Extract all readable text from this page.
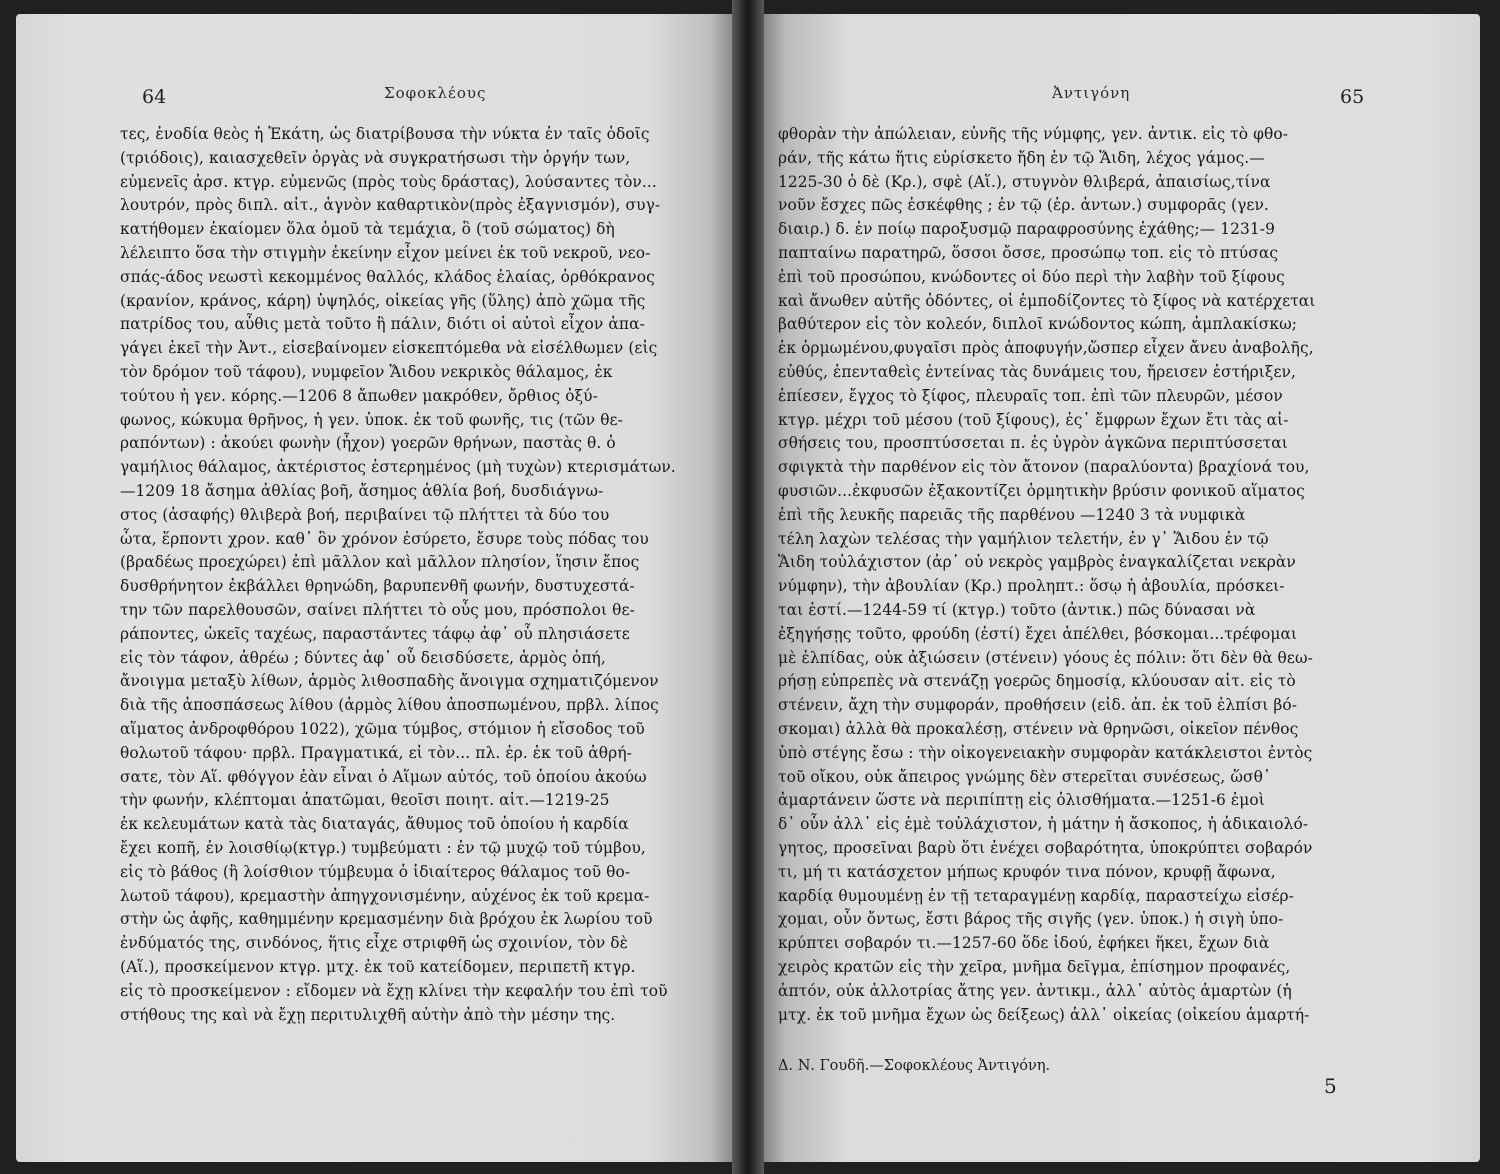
64	Σοφοκλέους
τες, ἐνοδία θεὸς ἡ Ἑκάτη, ὡς διατρίβουσα τὴν νύκτα ἐν ταῖς ὁδοῖς
(τριόδοις), καιασχεθεῖν ὀργὰς νὰ συγκρατήσωσι τὴν ὀργήν των,
εὐμενεῖς ἀρσ. κτγρ. εὐμενῶς (πρὸς τοὺς δράστας), λούσαντες τὸν...
λουτρόν, πρὸς διπλ. αἰτ., ἁγνὸν καθαρτικὸν(πρὸς ἐξαγνισμόν), συγ-
κατήθομεν ἐκαίομεν ὅλα ὁμοῦ τὰ τεμάχια, ὃ (τοῦ σώματος) δὴ
λέλειπτο ὅσα τὴν στιγμὴν ἐκείνην εἶχον μείνει ἐκ τοῦ νεκροῦ, νεο-
σπάς-άδος νεωστὶ κεκομμένος θαλλός, κλάδος ἐλαίας, ὀρθόκρανος
(κρανίον, κράνος, κάρη) ὑψηλός, οἰκείας γῆς (ὕλης) ἀπὸ χῶμα τῆς
πατρίδος του, αὖθις μετὰ τοῦτο ἢ πάλιν, διότι οἱ αὐτοὶ εἶχον ἀπα-
γάγει ἐκεῖ τὴν Ἀντ., εἰσεβαίνομεν εἰσκεπτόμεθα νὰ εἰσέλθωμεν (εἰς
τὸν δρόμον τοῦ τάφου), νυμφεῖον Ἅιδου νεκρικὸς θάλαμος, ἐκ
τούτου ἡ γεν. κόρης.—1206 8 ἄπωθεν μακρόθεν, ὄρθιος ὀξύ-
φωνος, κώκυμα θρῆνος, ἡ γεν. ὑποκ. ἐκ τοῦ φωνῆς, τις (τῶν θε-
ραπόντων) : ἀκούει φωνὴν (ἦχον) γοερῶν θρήνων, παστὰς θ. ὁ
γαμήλιος θάλαμος, ἀκτέριστος ἐστερημένος (μὴ τυχὼν) κτερισμάτων.
—1209 18 ἄσημα ἀθλίας βοῆ, ἄσημος ἀθλία βοή, δυσδιάγνω-
στος (ἀσαφής) θλιβερὰ βοή, περιβαίνει τῷ πλήττει τὰ δύο του
ὦτα, ἕρποντι χρον. καθ᾽ ὃν χρόνον ἐσύρετο, ἔσυρε τοὺς πόδας του
(βραδέως προεχώρει) ἐπὶ μᾶλλον καὶ μᾶλλον πλησίον, ἵησιν ἔπος
δυσθρήνητον ἐκβάλλει θρηνώδη, βαρυπενθῆ φωνήν, δυστυχεστά-
την τῶν παρελθουσῶν, σαίνει πλήττει τὸ οὖς μου, πρόσπολοι θε-
ράποντες, ὠκεῖς ταχέως, παραστάντες τάφῳ ἀφ᾽ οὗ πλησιάσετε
εἰς τὸν τάφον, ἀθρέω ; δύντες ἀφ᾽ οὗ δεισδύσετε, ἁρμὸς ὀπή,
ἄνοιγμα μεταξὺ λίθων, ἁρμὸς λιθοσπαδὴς ἄνοιγμα σχηματιζόμενον
διὰ τῆς ἀποσπάσεως λίθου (ἁρμὸς λίθου ἀποσπωμένου, πρβλ. λίπος
αἵματος ἀνδροφθόρου 1022), χῶμα τύμβος, στόμιον ἡ εἴσοδος τοῦ
θολωτοῦ τάφου· πρβλ. Πραγματικά, εἰ τὸν... πλ. ἐρ. ἐκ τοῦ ἀθρή-
σατε, τὸν Αἵ. φθόγγον ἐὰν εἶναι ὁ Αἵμων αὐτός, τοῦ ὁποίου ἀκούω
τὴν φωνήν, κλέπτομαι ἀπατῶμαι, θεοῖσι ποιητ. αἰτ.—1219-25
ἐκ κελευμάτων κατὰ τὰς διαταγάς, ἄθυμος τοῦ ὁποίου ἡ καρδία
ἔχει κοπῆ, ἐν λοισθίῳ(κτγρ.) τυμβεύματι : ἐν τῷ μυχῷ τοῦ τύμβου,
εἰς τὸ βάθος (ἢ λοίσθιον τύμβευμα ὁ ἰδιαίτερος θάλαμος τοῦ θο-
λωτοῦ τάφου), κρεμαστὴν ἀπηγχονισμένην, αὐχένος ἐκ τοῦ κρεμα-
στὴν ὡς ἁφῆς, καθημμένην κρεμασμένην διὰ βρόχου ἐκ λωρίου τοῦ
ἐνδύματός της, σινδόνος, ἥτις εἶχε στριφθῆ ὡς σχοινίον, τὸν δὲ
(Αἵ.), προσκείμενον κτγρ. μτχ. ἐκ τοῦ κατείδομεν, περιπετῆ κτγρ.
εἰς τὸ προσκείμενον : εἴδομεν νὰ ἔχῃ κλίνει τὴν κεφαλήν του ἐπὶ τοῦ
στήθους της καὶ νὰ ἔχῃ περιτυλιχθῆ αὐτὴν ἀπὸ τὴν μέσην της.
Ἀντιγόνη	65
φθορὰν τὴν ἀπώλειαν, εὐνῆς τῆς νύμφης, γεν. ἀντικ. εἰς τὸ φθο-
ράν, τῆς κάτω ἥτις εὑρίσκετο ἤδη ἐν τῷ Ἅιδη, λέχος γάμος.—
1225-30 ὁ δὲ (Κρ.), σφὲ (Αἵ.), στυγνὸν θλιβερά, ἀπαισίως,τίνα
νοῦν ἔσχες πῶς ἐσκέφθης ; ἐν τῷ (ἐρ. ἀντων.) συμφορᾶς (γεν.
διαιρ.) δ. ἐν ποίῳ παροξυσμῷ παραφροσύνης ἐχάθης;— 1231-9
παπταίνω παρατηρῶ, ὅσσοι ὄσσε, προσώπῳ τοπ. εἰς τὸ πτύσας
ἐπὶ τοῦ προσώπου, κνώδοντες οἱ δύο περὶ τὴν λαβὴν τοῦ ξίφους
καὶ ἄνωθεν αὐτῆς ὀδόντες, οἱ ἐμποδίζοντες τὸ ξίφος νὰ κατέρχεται
βαθύτερον εἰς τὸν κολεόν, διπλοῖ κνώδοντος κώπη, ἀμπλακίσκω;
ἐκ ὁρμωμένου,φυγαῖσι πρὸς ἀποφυγήν,ὥσπερ εἶχεν ἄνευ ἀναβολῆς,
εὐθύς, ἐπενταθεὶς ἐντείνας τὰς δυνάμεις του, ἤρεισεν ἐστήριξεν,
ἐπίεσεν, ἔγχος τὸ ξίφος, πλευραῖς τοπ. ἐπὶ τῶν πλευρῶν, μέσον
κτγρ. μέχρι τοῦ μέσου (τοῦ ξίφους), ἐς᾽ ἔμφρων ἔχων ἔτι τὰς αἰ-
σθήσεις του, προσπτύσσεται π. ἐς ὑγρὸν ἀγκῶνα περιπτύσσεται
σφιγκτὰ τὴν παρθένον εἰς τὸν ἄτονον (παραλύοντα) βραχίονά του,
φυσιῶν...ἐκφυσῶν ἐξακοντίζει ὁρμητικὴν βρύσιν φονικοῦ αἵματος
ἐπὶ τῆς λευκῆς παρειᾶς τῆς παρθένου —1240 3 τὰ νυμφικὰ
τέλη λαχὼν τελέσας τὴν γαμήλιον τελετήν, ἐν γ᾽ Ἅιδου ἐν τῷ
Ἅιδη τοὐλάχιστον (ἀρ᾽ οὐ νεκρὸς γαμβρὸς ἐναγκαλίζεται νεκρὰν
νύμφην), τὴν ἀβουλίαν (Κρ.) προληπτ.: ὅσῳ ἡ ἀβουλία, πρόσκει-
ται ἐστί.—1244-59 τί (κτγρ.) τοῦτο (ἀντικ.) πῶς δύνασαι νὰ
ἐξηγήσῃς τοῦτο, φρούδη (ἐστί) ἔχει ἀπέλθει, βόσκομαι...τρέφομαι
μὲ ἐλπίδας, οὐκ ἀξιώσειν (στένειν) γόους ἐς πόλιν: ὅτι δὲν θὰ θεω-
ρήσῃ εὐπρεπὲς νὰ στενάζῃ γοερῶς δημοσίᾳ, κλύουσαν αἰτ. εἰς τὸ
στένειν, ἄχη τὴν συμφοράν, προθήσειν (εἰδ. ἀπ. ἐκ τοῦ ἐλπίσι βό-
σκομαι) ἀλλὰ θὰ προκαλέσῃ, στένειν νὰ θρηνῶσι, οἰκεῖον πένθος
ὑπὸ στέγης ἔσω : τὴν οἰκογενειακὴν συμφορὰν κατάκλειστοι ἐντὸς
τοῦ οἴκου, οὐκ ἄπειρος γνώμης δὲν στερεῖται συνέσεως, ὥσθ᾽
ἁμαρτάνειν ὥστε νὰ περιπίπτῃ εἰς ὀλισθήματα.—1251-6 ἐμοὶ
δ᾽ οὖν ἀλλ᾽ εἰς ἐμὲ τοὐλάχιστον, ἡ μάτην ἡ ἄσκοπος, ἡ ἀδικαιολό-
γητος, προσεῖναι βαρὺ ὅτι ἐνέχει σοβαρότητα, ὑποκρύπτει σοβαρόν
τι, μή τι κατάσχετον μήπως κρυφόν τινα πόνον, κρυφῇ ἄφωνα,
καρδίᾳ θυμουμένῃ ἐν τῇ τεταραγμένῃ καρδίᾳ, παραστείχω εἰσέρ-
χομαι, οὖν ὄντως, ἔστι βάρος τῆς σιγῆς (γεν. ὑποκ.) ἡ σιγὴ ὑπο-
κρύπτει σοβαρόν τι.—1257-60 ὅδε ἰδού, ἐφήκει ἥκει, ἔχων διὰ
χειρὸς κρατῶν εἰς τὴν χεῖρα, μνῆμα δεῖγμα, ἐπίσημον προφανές,
ἀπτόν, οὐκ ἀλλοτρίας ἄτης γεν. ἀντικμ., ἀλλ᾽ αὐτὸς ἁμαρτὼν (ἡ
μτχ. ἐκ τοῦ μνῆμα ἔχων ὡς δείξεως) ἀλλ᾽ οἰκείας (οἰκείου ἁμαρτή-
Δ. Ν. Γουδῆ.—Σοφοκλέους Ἀντιγόνη.
5
